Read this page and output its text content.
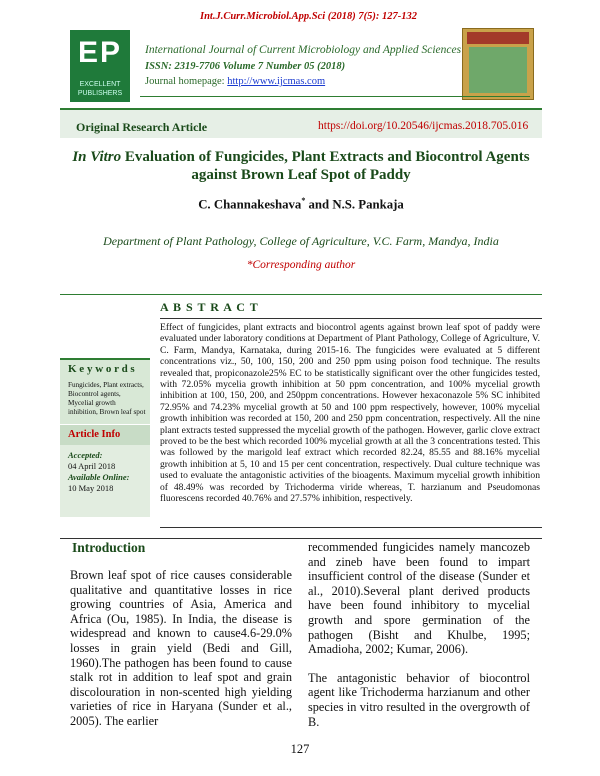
Int.J.Curr.Microbiol.App.Sci (2018) 7(5): 127-132
EP
EXCELLENT PUBLISHERS
International Journal of Current Microbiology and Applied Sciences
ISSN: 2319-7706 Volume 7 Number 05 (2018)
Journal homepage: http://www.ijcmas.com
Original Research Article	https://doi.org/10.20546/ijcmas.2018.705.016
In Vitro Evaluation of Fungicides, Plant Extracts and Biocontrol Agents
against Brown Leaf Spot of Paddy
C. Channakeshava* and N.S. Pankaja
Department of Plant Pathology, College of Agriculture, V.C. Farm, Mandya, India
*Corresponding author
A B S T R A C T
Effect of fungicides, plant extracts and biocontrol agents against brown leaf spot of paddy were evaluated under laboratory conditions at Department of Plant Pathology, College of Agriculture, V. C. Farm, Mandya, Karnataka, during 2015-16. The fungicides were evaluated at 5 different concentrations viz., 50, 100, 150, 200 and 250 ppm using poison food technique. The results revealed that, propiconazole25% EC to be statistically significant over the other fungicides tested, with 72.05% mycelia growth inhibition at 50 ppm concentration, and 100% mycelial growth inhibition at 100, 150, 200, and 250ppm concentrations. However hexaconazole 5% SC inhibited 72.95% and 74.23% mycelial growth at 50 and 100 ppm respectively, however, 100% mycelial growth inhibition was recorded at 150, 200 and 250 ppm concentration, respectively. All the nine plant extracts tested suppressed the mycelial growth of the pathogen. However, garlic clove extract proved to be the best which recorded 100% mycelial growth at all the 3 concentrations tested. This was followed by the marigold leaf extract which recorded 82.24, 85.55 and 88.16% mycelial growth inhibition at 5, 10 and 15 per cent concentration, respectively. Dual culture technique was used to evaluate the antagonistic activities of the bioagents. Maximum mycelial growth inhibition of 48.49% was recorded by Trichoderma viride whereas, T. harzianum and Pseudomonas fluorescens recorded 40.76% and 27.57% inhibition, respectively.
K e y w o r d s
Fungicides, Plant extracts, Biocontrol agents, Mycelial growth inhibition, Brown leaf spot
Article Info
Accepted:
04 April 2018
Available Online:
10 May 2018
Introduction

Brown leaf spot of rice causes considerable qualitative and quantitative losses in rice growing countries of Asia, America and Africa (Ou, 1985). In India, the disease is widespread and known to cause4.6-29.0% losses in grain yield (Bedi and Gill, 1960).The pathogen has been found to cause stalk rot in addition to leaf spot and grain discolouration in non-scented high yielding varieties of rice in Haryana (Sunder et al., 2005). The earlier

recommended fungicides namely mancozeb and zineb have been found to impart insufficient control of the disease (Sunder et al., 2010).Several plant derived products have been found inhibitory to mycelial growth and spore germination of the pathogen (Bisht and Khulbe, 1995; Amadioha, 2002; Kumar, 2006).

The antagonistic behavior of biocontrol agent like Trichoderma harzianum and other species in vitro resulted in the overgrowth of B.

127
